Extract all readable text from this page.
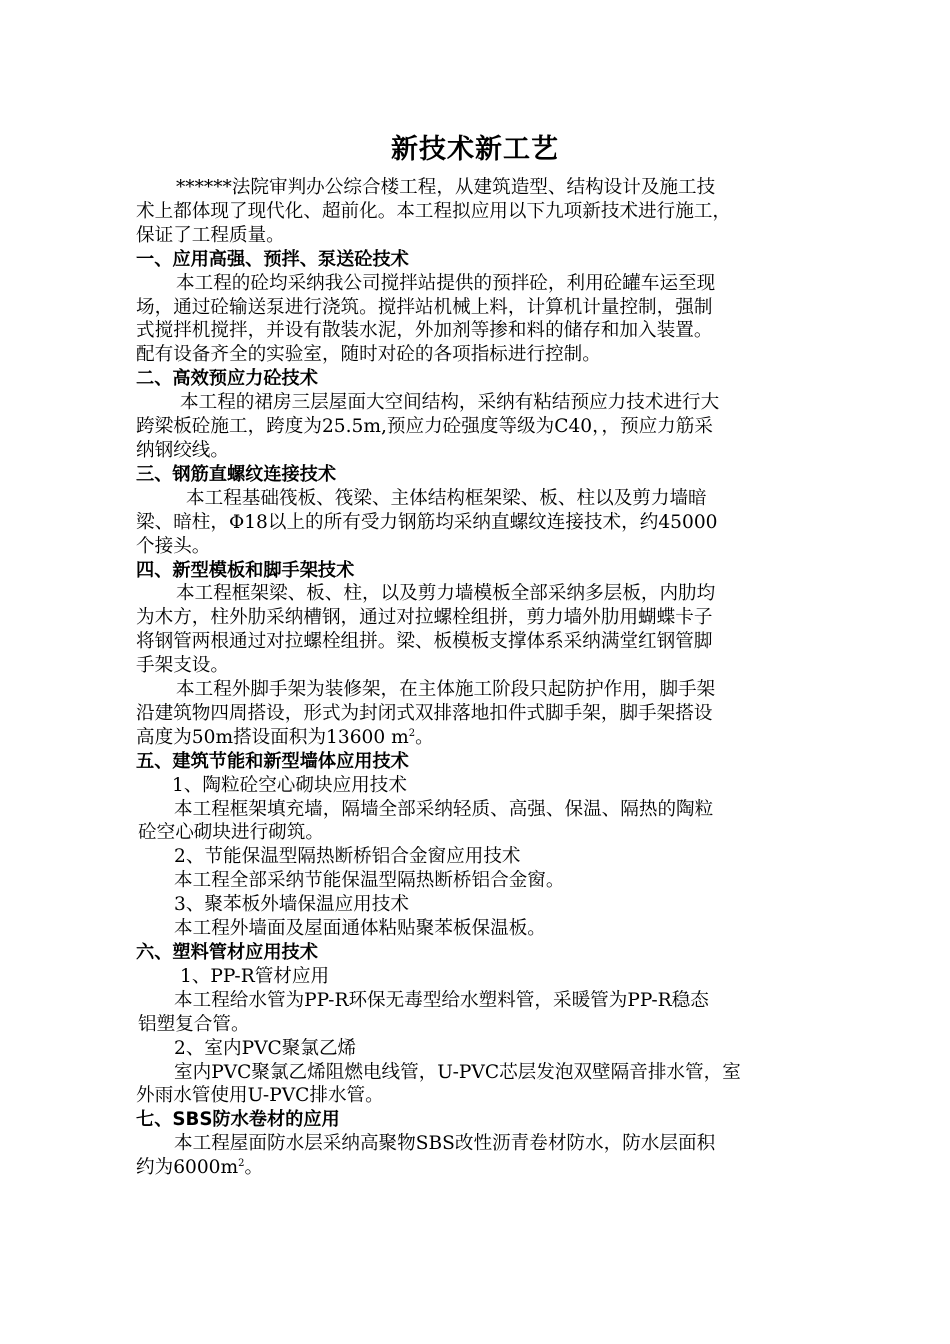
新技术新工艺

******法院审判办公综合楼工程，从建筑造型、结构设计及施工技

术上都体现了现代化、超前化。本工程拟应用以下九项新技术进行施工，

保证了工程质量。

一、应用高强、预拌、泵送砼技术

本工程的砼均采纳我公司搅拌站提供的预拌砼，利用砼罐车运至现

场，通过砼输送泵进行浇筑。搅拌站机械上料，计算机计量控制，强制

式搅拌机搅拌，并设有散装水泥，外加剂等掺和料的储存和加入装置。

配有设备齐全的实验室，随时对砼的各项指标进行控制。

二、高效预应力砼技术

本工程的裙房三层屋面大空间结构，采纳有粘结预应力技术进行大

跨梁板砼施工，跨度为25.5m,预应力砼强度等级为C40，，预应力筋采

纳钢绞线。

三、钢筋直螺纹连接技术

本工程基础筏板、筏梁、主体结构框架梁、板、柱以及剪力墙暗

梁、暗柱，Φ18以上的所有受力钢筋均采纳直螺纹连接技术，约45000

个接头。

四、新型模板和脚手架技术

本工程框架梁、板、柱，以及剪力墙模板全部采纳多层板，内肋均

为木方，柱外肋采纳槽钢，通过对拉螺栓组拼，剪力墙外肋用蝴蝶卡子

将钢管两根通过对拉螺栓组拼。梁、板模板支撑体系采纳满堂红钢管脚

手架支设。

本工程外脚手架为装修架，在主体施工阶段只起防护作用，脚手架

沿建筑物四周搭设，形式为封闭式双排落地扣件式脚手架，脚手架搭设

高度为50m搭设面积为13600 $m^2$。

五、建筑节能和新型墙体应用技术

1、陶粒砼空心砌块应用技术

本工程框架填充墙，隔墙全部采纳轻质、高强、保温、隔热的陶粒

砼空心砌块进行砌筑。

2、节能保温型隔热断桥铝合金窗应用技术

本工程全部采纳节能保温型隔热断桥铝合金窗。

3、聚苯板外墙保温应用技术

本工程外墙面及屋面通体粘贴聚苯板保温板。

六、塑料管材应用技术

1、PP-R管材应用

本工程给水管为PP-R环保无毒型给水塑料管，采暖管为PP-R稳态

铝塑复合管。

2、室内PVC聚氯乙烯

室内PVC聚氯乙烯阻燃电线管，U-PVC芯层发泡双壁隔音排水管，室

外雨水管使用U-PVC排水管。

七、SBS防水卷材的应用

本工程屋面防水层采纳高聚物SBS改性沥青卷材防水，防水层面积

约为$6000m^2$。
